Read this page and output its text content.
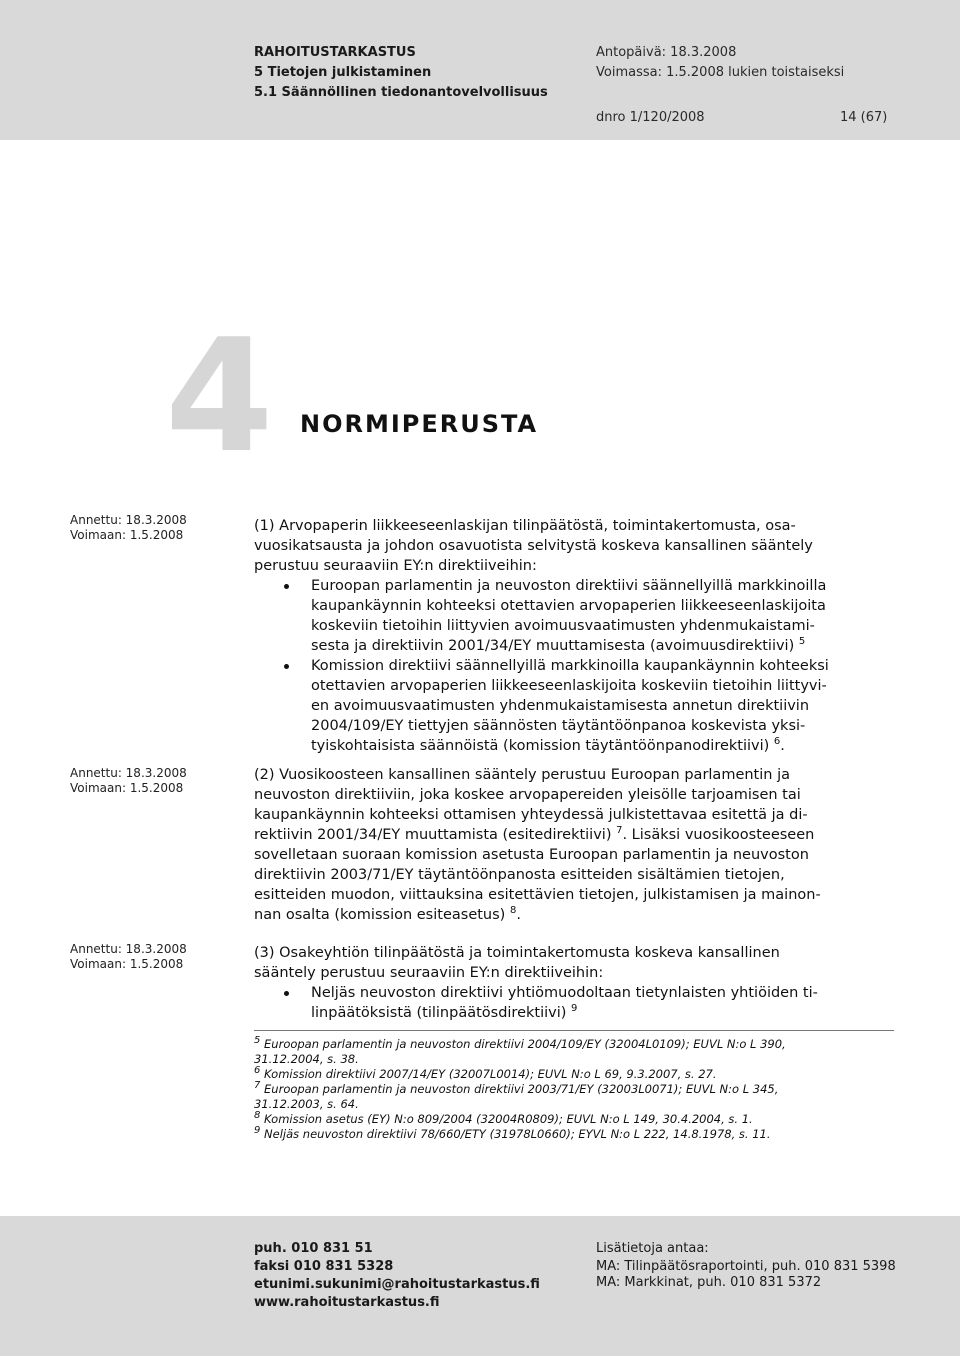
RAHOITUSTARKASTUS
5 Tietojen julkistaminen
5.1 Säännöllinen tiedonantovelvollisuus
Antopäivä: 18.3.2008
Voimassa: 1.5.2008 lukien toistaiseksi
dnro 1/120/2008	14 (67)
4 NORMIPERUSTA
Annettu: 18.3.2008
Voimaan: 1.5.2008
Annettu: 18.3.2008
Voimaan: 1.5.2008
Annettu: 18.3.2008
Voimaan: 1.5.2008
(1) Arvopaperin liikkeeseenlaskijan tilinpäätöstä, toimintakertomusta, osa-
vuosikatsausta ja johdon osavuotista selvitystä koskeva kansallinen sääntely
perustuu seuraaviin EY:n direktiiveihin:
Euroopan parlamentin ja neuvoston direktiivi säännellyillä markkinoilla
kaupankäynnin kohteeksi otettavien arvopaperien liikkeeseenlaskijoita
koskeviin tietoihin liittyvien avoimuusvaatimusten yhdenmukaistami-
sesta ja direktiivin 2001/34/EY muuttamisesta (avoimuusdirektiivi) $^5$
Komission direktiivi säännellyillä markkinoilla kaupankäynnin kohteeksi
otettavien arvopaperien liikkeeseenlaskijoita koskeviin tietoihin liittyvi-
en avoimuusvaatimusten yhdenmukaistamisesta annetun direktiivin
2004/109/EY tiettyjen säännösten täytäntöönpanoa koskevista yksi-
tyiskohtaisista säännöistä (komission täytäntöönpanodirektiivi) $^6$.
(2) Vuosikoosteen kansallinen sääntely perustuu Euroopan parlamentin ja
neuvoston direktiiviin, joka koskee arvopapereiden yleisölle tarjoamisen tai
kaupankäynnin kohteeksi ottamisen yhteydessä julkistettavaa esitettä ja di-
rektiivin 2001/34/EY muuttamista (esitedirektiivi) $^7$. Lisäksi vuosikoosteeseen
sovelletaan suoraan komission asetusta Euroopan parlamentin ja neuvoston
direktiivin 2003/71/EY täytäntöönpanosta esitteiden sisältämien tietojen,
esitteiden muodon, viittauksina esitettävien tietojen, julkistamisen ja mainon-
nan osalta (komission esiteasetus) $^8$.
(3) Osakeyhtiön tilinpäätöstä ja toimintakertomusta koskeva kansallinen
sääntely perustuu seuraaviin EY:n direktiiveihin:
Neljäs neuvoston direktiivi yhtiömuodoltaan tietynlaisten yhtiöiden ti-
linpäätöksistä (tilinpäätösdirektiivi) $^9$
$^5$ Euroopan parlamentin ja neuvoston direktiivi 2004/109/EY (32004L0109); EUVL N:o L 390,
31.12.2004, s. 38.
$^6$ Komission direktiivi 2007/14/EY (32007L0014); EUVL N:o L 69, 9.3.2007, s. 27.
$^7$ Euroopan parlamentin ja neuvoston direktiivi 2003/71/EY (32003L0071); EUVL N:o L 345,
31.12.2003, s. 64.
$^8$ Komission asetus (EY) N:o 809/2004 (32004R0809); EUVL N:o L 149, 30.4.2004, s. 1.
$^9$ Neljäs neuvoston direktiivi 78/660/ETY (31978L0660); EYVL N:o L 222, 14.8.1978, s. 11.
puh. 010 831 51
faksi 010 831 5328
etunimi.sukunimi@rahoitustarkastus.fi
www.rahoitustarkastus.fi
Lisätietoja antaa:
MA: Tilinpäätösraportointi, puh. 010 831 5398
MA: Markkinat, puh. 010 831 5372
